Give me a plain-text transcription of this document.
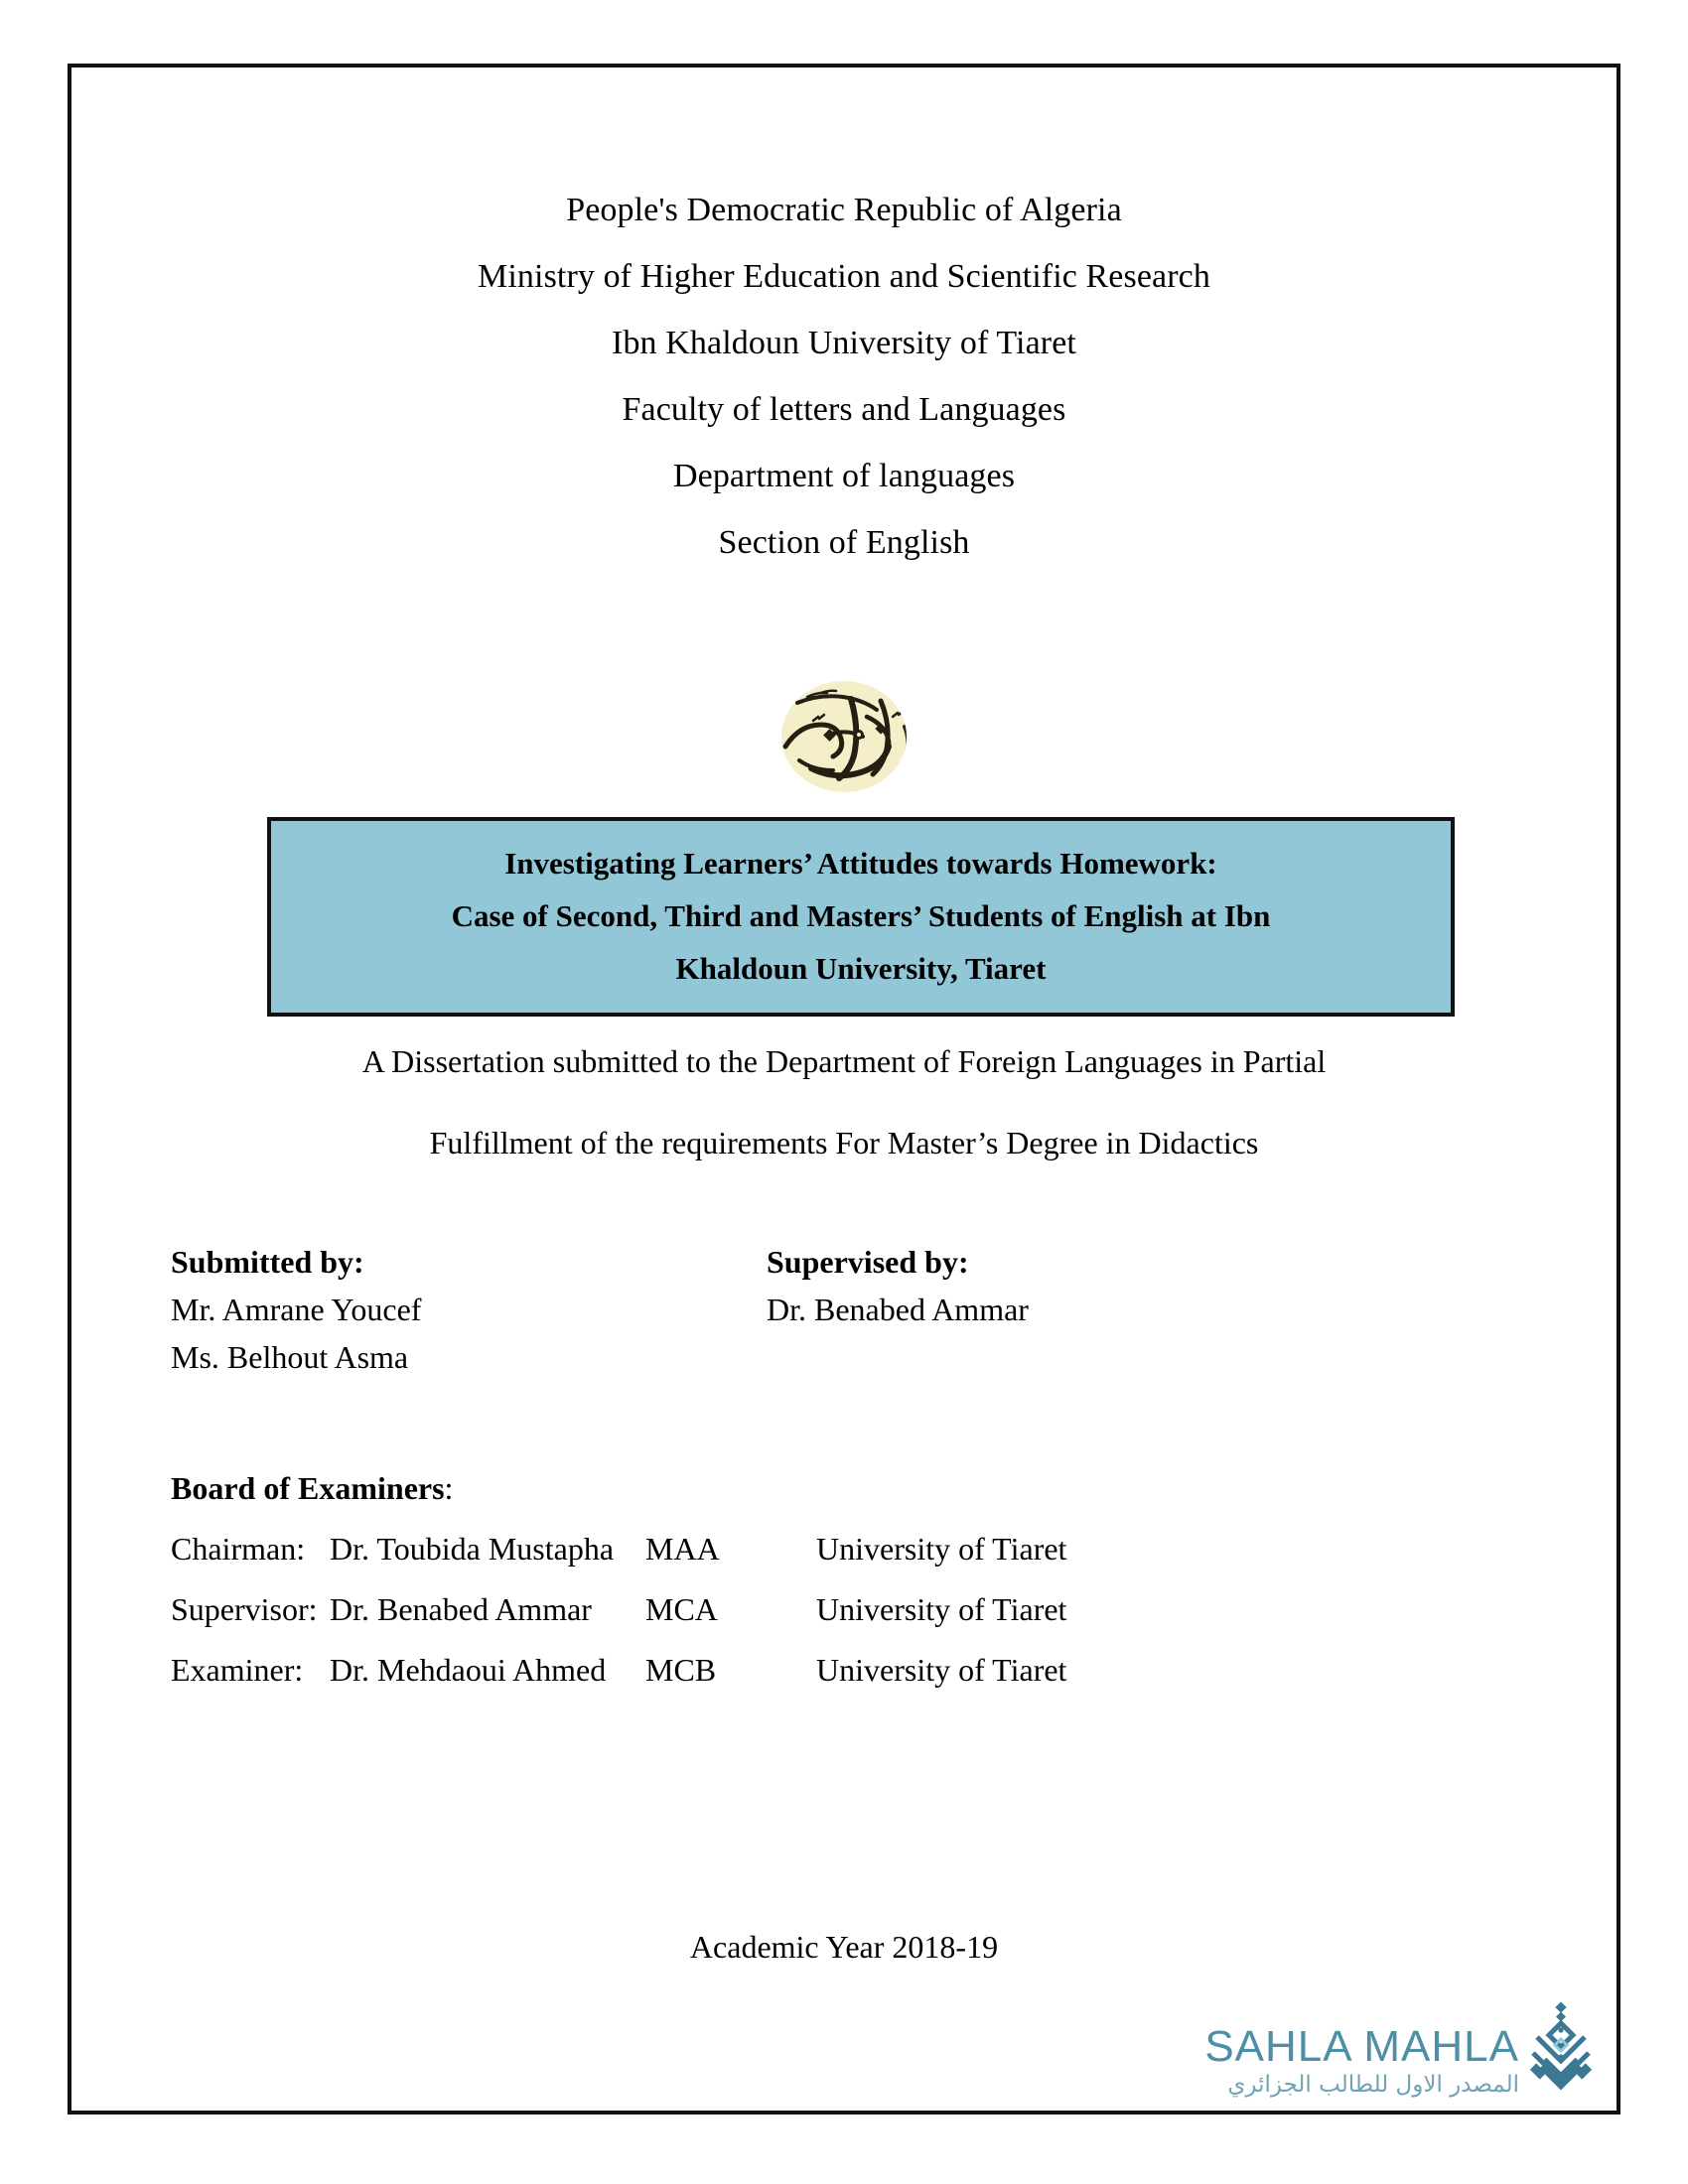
People's Democratic Republic of Algeria
Ministry of Higher Education and Scientific Research
Ibn Khaldoun University of Tiaret
Faculty of letters and Languages
Department of languages
Section of English
Investigating Learners’ Attitudes towards Homework:
Case of Second, Third and Masters’ Students of English at Ibn
Khaldoun University, Tiaret
A Dissertation submitted to the Department of Foreign Languages in Partial
Fulfillment of the requirements For Master’s Degree in Didactics
Submitted by:	Supervised by:
Mr. Amrane Youcef	Dr. Benabed Ammar
Ms. Belhout Asma
Board of Examiners:
Chairman:	Dr. Toubida Mustapha	MAA	University of Tiaret
Supervisor:	Dr. Benabed Ammar	MCA	University of Tiaret
Examiner:	Dr. Mehdaoui Ahmed	MCB	University of Tiaret
Academic Year 2018-19
SAHLA MAHLA
المصدر الاول للطالب الجزائري
